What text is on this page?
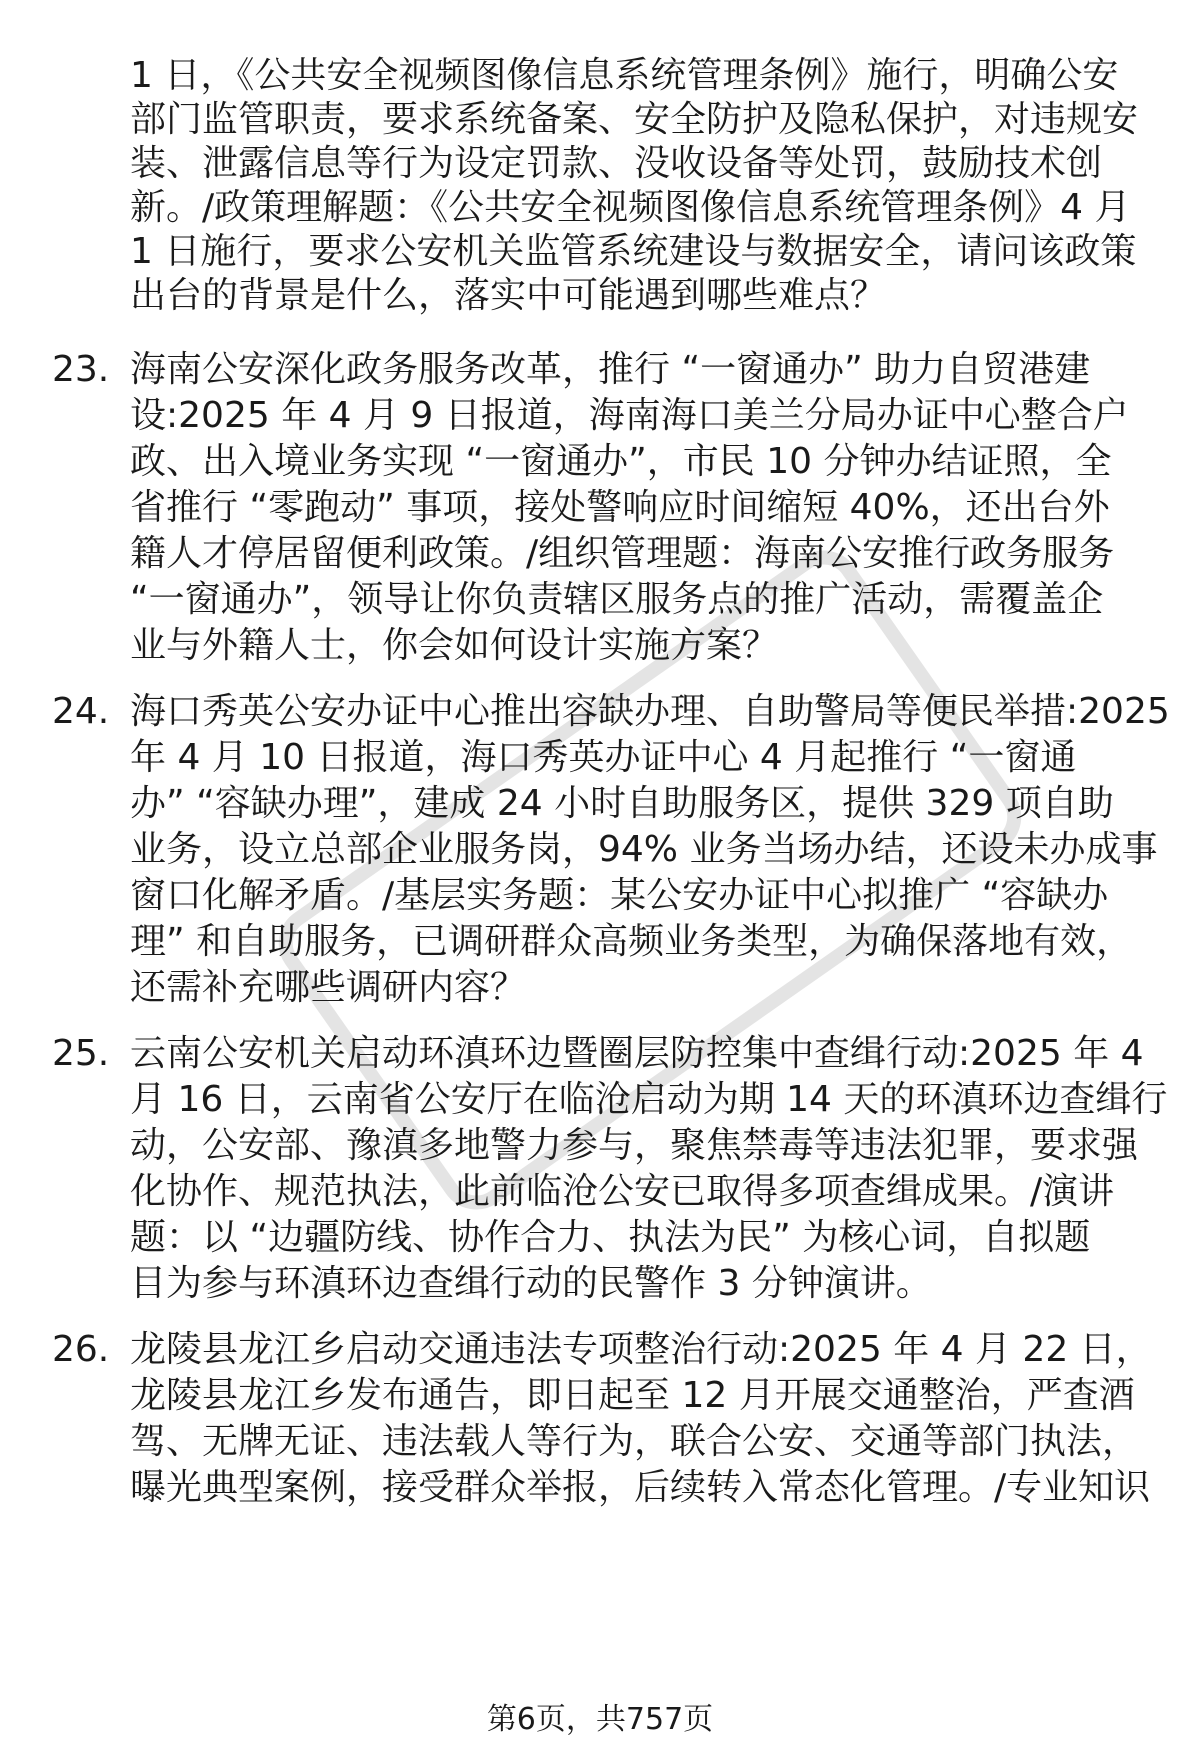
1 日，《公共安全视频图像信息系统管理条例》施行，明确公安

部门监管职责，要求系统备案、安全防护及隐私保护，对违规安

装、泄露信息等行为设定罚款、没收设备等处罚，鼓励技术创

新。/政策理解题：《公共安全视频图像信息系统管理条例》4 月

1 日施行，要求公安机关监管系统建设与数据安全，请问该政策

出台的背景是什么，落实中可能遇到哪些难点？

23. 海南公安深化政务服务改革，推行 “一窗通办” 助力自贸港建

设:2025 年 4 月 9 日报道，海南海口美兰分局办证中心整合户

政、出入境业务实现 “一窗通办”，市民 10 分钟办结证照，全

省推行 “零跑动” 事项，接处警响应时间缩短 40%，还出台外

籍人才停居留便利政策。/组织管理题：海南公安推行政务服务

“一窗通办”，领导让你负责辖区服务点的推广活动，需覆盖企

业与外籍人士，你会如何设计实施方案？

24. 海口秀英公安办证中心推出容缺办理、自助警局等便民举措:2025

年 4 月 10 日报道，海口秀英办证中心 4 月起推行 “一窗通

办” “容缺办理”，建成 24 小时自助服务区，提供 329 项自助

业务，设立总部企业服务岗，94% 业务当场办结，还设未办成事

窗口化解矛盾。/基层实务题：某公安办证中心拟推广 “容缺办

理” 和自助服务，已调研群众高频业务类型，为确保落地有效，

还需补充哪些调研内容？

25. 云南公安机关启动环滇环边暨圈层防控集中查缉行动:2025 年 4

月 16 日，云南省公安厅在临沧启动为期 14 天的环滇环边查缉行

动，公安部、豫滇多地警力参与，聚焦禁毒等违法犯罪，要求强

化协作、规范执法，此前临沧公安已取得多项查缉成果。/演讲

题：以 “边疆防线、协作合力、执法为民” 为核心词，自拟题

目为参与环滇环边查缉行动的民警作 3 分钟演讲。

26. 龙陵县龙江乡启动交通违法专项整治行动:2025 年 4 月 22 日，

龙陵县龙江乡发布通告，即日起至 12 月开展交通整治，严查酒

驾、无牌无证、违法载人等行为，联合公安、交通等部门执法，

曝光典型案例，接受群众举报，后续转入常态化管理。/专业知识

第6页，共757页
